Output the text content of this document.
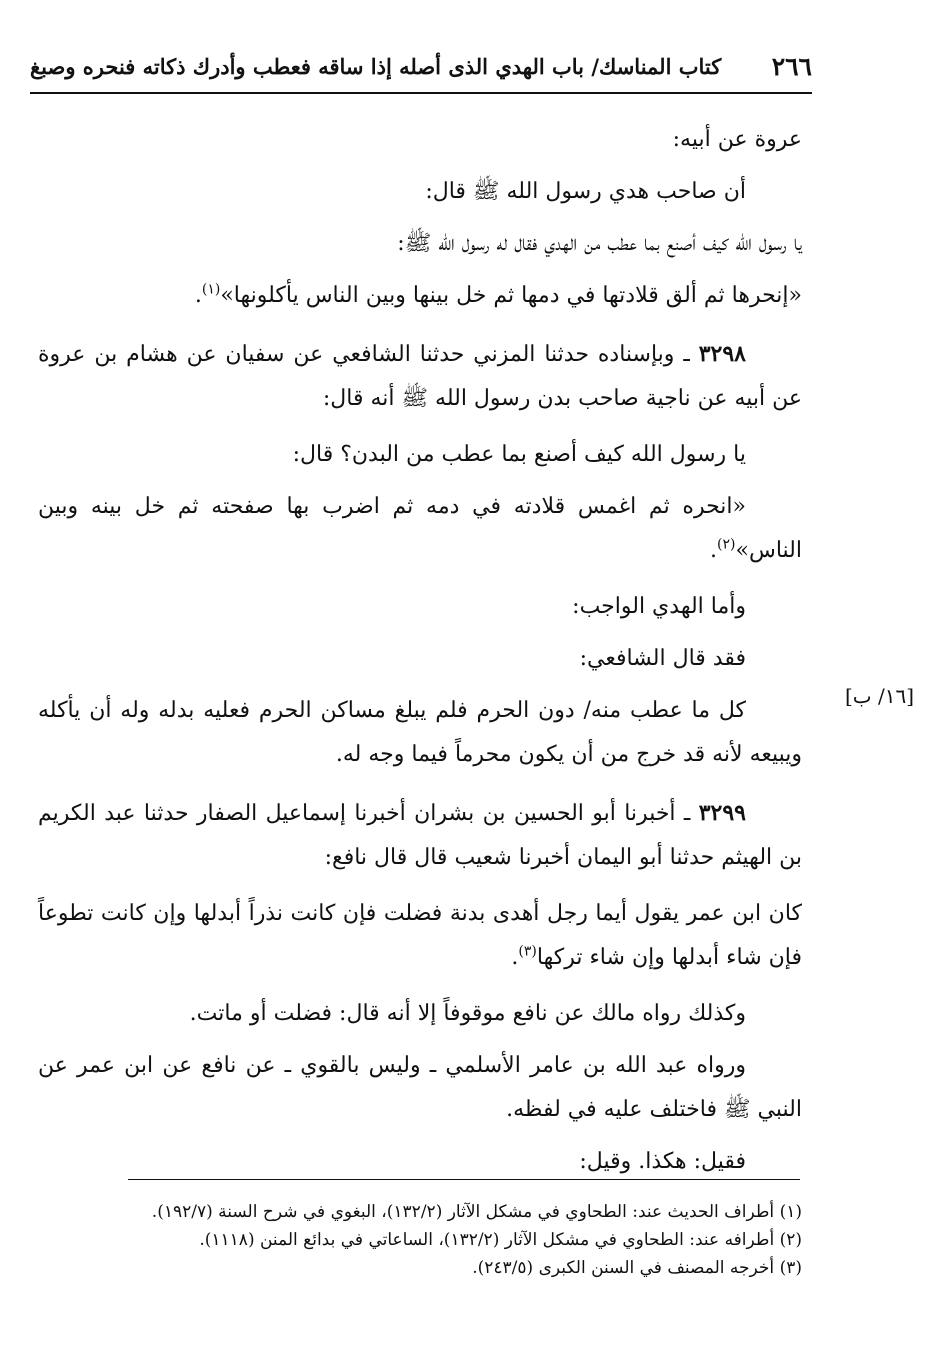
٢٦٦
كتاب المناسك/ باب الهدي الذى أصله إذا ساقه فعطب وأدرك ذكاته فنحره وصبغ
[١٦/ ب]

عروة عن أبيه:

أن صاحب هدي رسول الله ﷺ قال:

يا رسول الله كيف أصنع بما عطب من الهدي فقال له رسول الله ﷺ:

«إنحرها ثم ألق قلادتها في دمها ثم خل بينها وبين الناس يأكلونها»$^{(١)}$.

٣٢٩٨ ـ وبإسناده حدثنا المزني حدثنا الشافعي عن سفيان عن هشام بن عروة عن أبيه عن ناجية صاحب بدن رسول الله ﷺ أنه قال:

يا رسول الله كيف أصنع بما عطب من البدن؟ قال:

«انحره ثم اغمس قلادته في دمه ثم اضرب بها صفحته ثم خل بينه وبين الناس»$^{(٢)}$.

وأما الهدي الواجب:

فقد قال الشافعي:

كل ما عطب منه/ دون الحرم فلم يبلغ مساكن الحرم فعليه بدله وله أن يأكله ويبيعه لأنه قد خرج من أن يكون محرماً فيما وجه له.

٣٢٩٩ ـ أخبرنا أبو الحسين بن بشران أخبرنا إسماعيل الصفار حدثنا عبد الكريم بن الهيثم حدثنا أبو اليمان أخبرنا شعيب قال قال نافع:

كان ابن عمر يقول أيما رجل أهدى بدنة فضلت فإن كانت نذراً أبدلها وإن كانت تطوعاً فإن شاء أبدلها وإن شاء تركها$^{(٣)}$.

وكذلك رواه مالك عن نافع موقوفاً إلا أنه قال: فضلت أو ماتت.

ورواه عبد الله بن عامر الأسلمي ـ وليس بالقوي ـ عن نافع عن ابن عمر عن النبي ﷺ فاختلف عليه في لفظه.

فقيل: هكذا. وقيل:

(١) أطراف الحديث عند: الطحاوي في مشكل الآثار (١٣٢/٢)، البغوي في شرح السنة (١٩٢/٧).
(٢) أطرافه عند: الطحاوي في مشكل الآثار (١٣٢/٢)، الساعاتي في بدائع المنن (١١١٨).
(٣) أخرجه المصنف في السنن الكبرى (٢٤٣/٥).
